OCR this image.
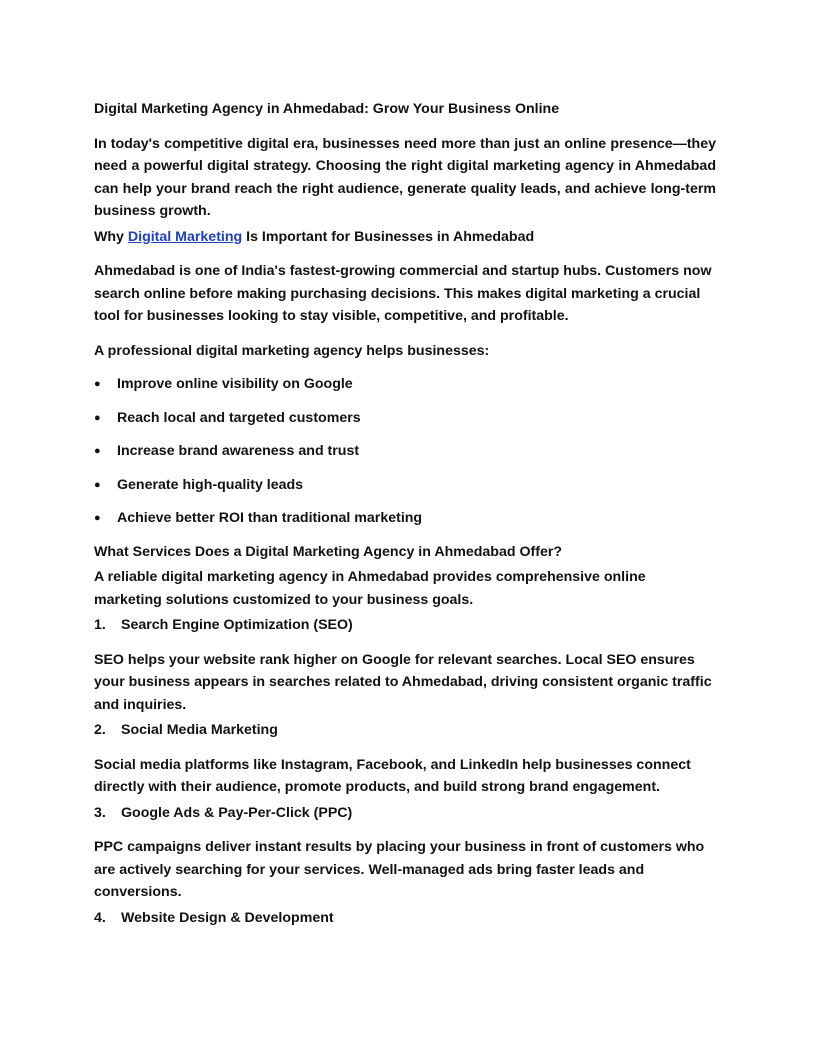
Digital Marketing Agency in Ahmedabad: Grow Your Business Online

In today's competitive digital era, businesses need more than just an online presence—they need a powerful digital strategy. Choosing the right digital marketing agency in Ahmedabad can help your brand reach the right audience, generate quality leads, and achieve long-term business growth.

Why Digital Marketing Is Important for Businesses in Ahmedabad

Ahmedabad is one of India's fastest-growing commercial and startup hubs. Customers now search online before making purchasing decisions. This makes digital marketing a crucial tool for businesses looking to stay visible, competitive, and profitable.

A professional digital marketing agency helps businesses:

● Improve online visibility on Google
● Reach local and targeted customers
● Increase brand awareness and trust
● Generate high-quality leads
● Achieve better ROI than traditional marketing

What Services Does a Digital Marketing Agency in Ahmedabad Offer?

A reliable digital marketing agency in Ahmedabad provides comprehensive online marketing solutions customized to your business goals.

1. Search Engine Optimization (SEO)

SEO helps your website rank higher on Google for relevant searches. Local SEO ensures your business appears in searches related to Ahmedabad, driving consistent organic traffic and inquiries.

2. Social Media Marketing

Social media platforms like Instagram, Facebook, and LinkedIn help businesses connect directly with their audience, promote products, and build strong brand engagement.

3. Google Ads & Pay-Per-Click (PPC)

PPC campaigns deliver instant results by placing your business in front of customers who are actively searching for your services. Well-managed ads bring faster leads and conversions.

4. Website Design & Development
